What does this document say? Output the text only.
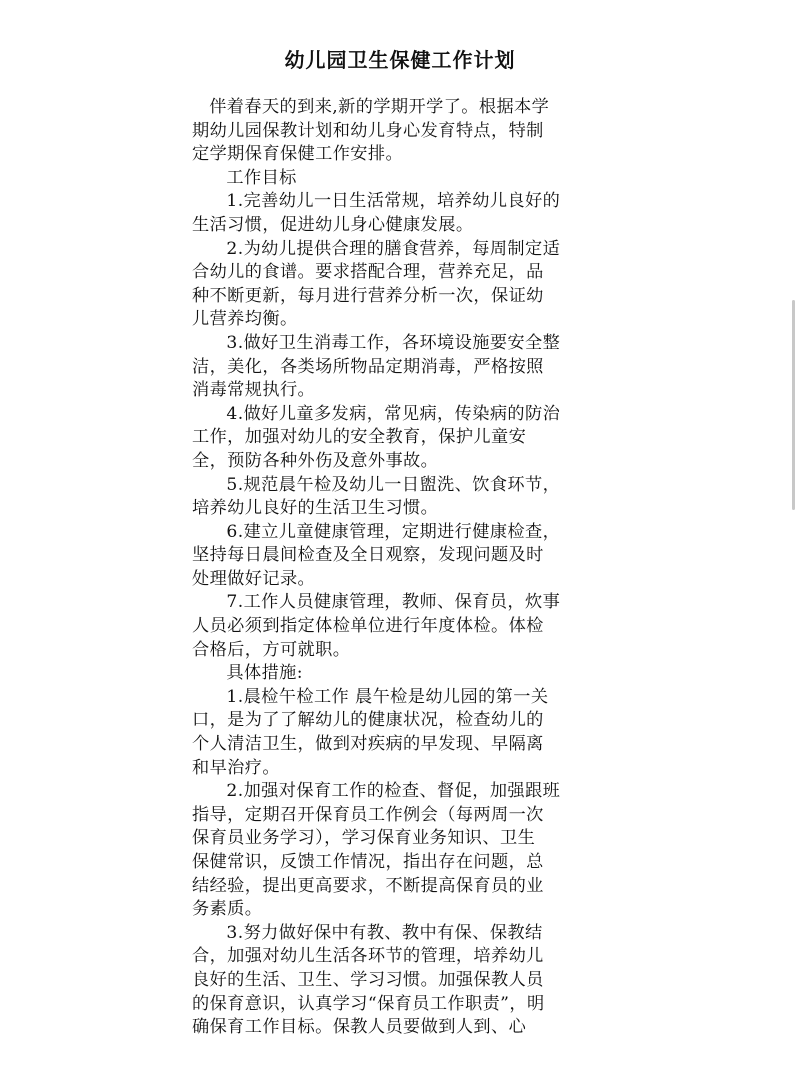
幼儿园卫生保健工作计划
伴着春天的到来,新的学期开学了。根据本学
期幼儿园保教计划和幼儿身心发育特点，特制
定学期保育保健工作安排。
工作目标
1.完善幼儿一日生活常规，培养幼儿良好的
生活习惯，促进幼儿身心健康发展。
2.为幼儿提供合理的膳食营养，每周制定适
合幼儿的食谱。要求搭配合理，营养充足，品
种不断更新，每月进行营养分析一次，保证幼
儿营养均衡。
3.做好卫生消毒工作，各环境设施要安全整
洁，美化，各类场所物品定期消毒，严格按照
消毒常规执行。
4.做好儿童多发病，常见病，传染病的防治
工作，加强对幼儿的安全教育，保护儿童安
全，预防各种外伤及意外事故。
5.规范晨午检及幼儿一日盥洗、饮食环节，
培养幼儿良好的生活卫生习惯。
6.建立儿童健康管理，定期进行健康检查，
坚持每日晨间检查及全日观察，发现问题及时
处理做好记录。
7.工作人员健康管理，教师、保育员，炊事
人员必须到指定体检单位进行年度体检。体检
合格后，方可就职。
具体措施:
1.晨检午检工作 晨午检是幼儿园的第一关
口，是为了了解幼儿的健康状况，检查幼儿的
个人清洁卫生，做到对疾病的早发现、早隔离
和早治疗。
2.加强对保育工作的检查、督促，加强跟班
指导，定期召开保育员工作例会（每两周一次
保育员业务学习），学习保育业务知识、卫生
保健常识，反馈工作情况，指出存在问题，总
结经验，提出更高要求，不断提高保育员的业
务素质。
3.努力做好保中有教、教中有保、保教结
合，加强对幼儿生活各环节的管理，培养幼儿
良好的生活、卫生、学习习惯。加强保教人员
的保育意识，认真学习“保育员工作职责”，明
确保育工作目标。保教人员要做到人到、心
